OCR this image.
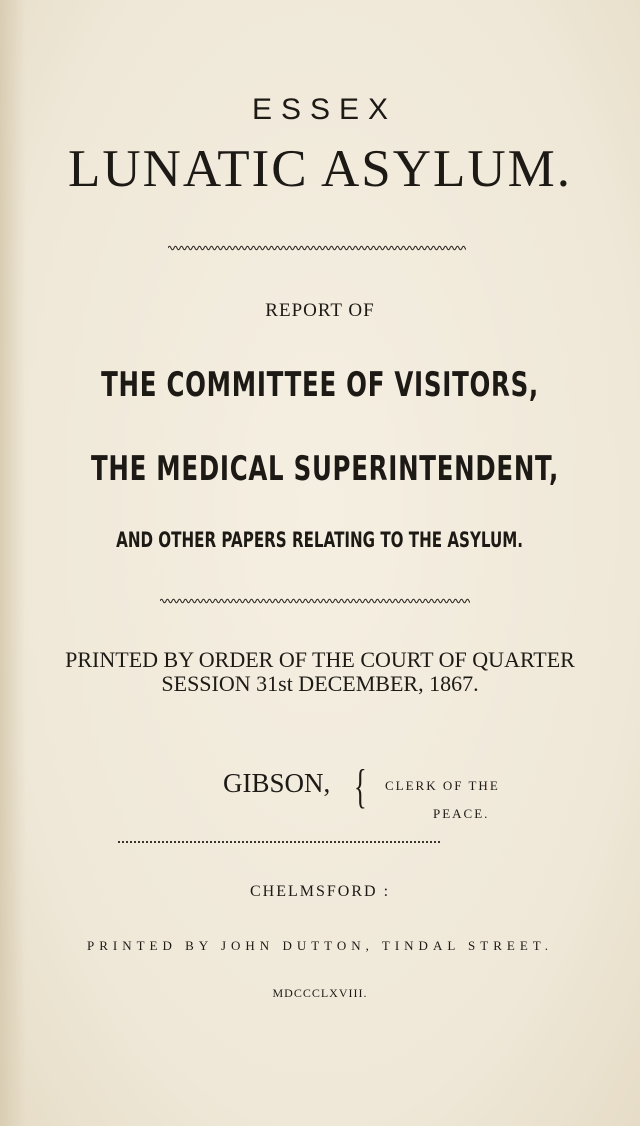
ESSEX
LUNATIC ASYLUM.
REPORT OF
THE COMMITTEE OF VISITORS,
THE MEDICAL SUPERINTENDENT,
AND OTHER PAPERS RELATING TO THE ASYLUM.
PRINTED BY ORDER OF THE COURT OF QUARTER
SESSION 31st DECEMBER, 1867.
GIBSON, { CLERK OF THE
PEACE.
CHELMSFORD :
PRINTED BY JOHN DUTTON, TINDAL STREET.
MDCCCLXVIII.
